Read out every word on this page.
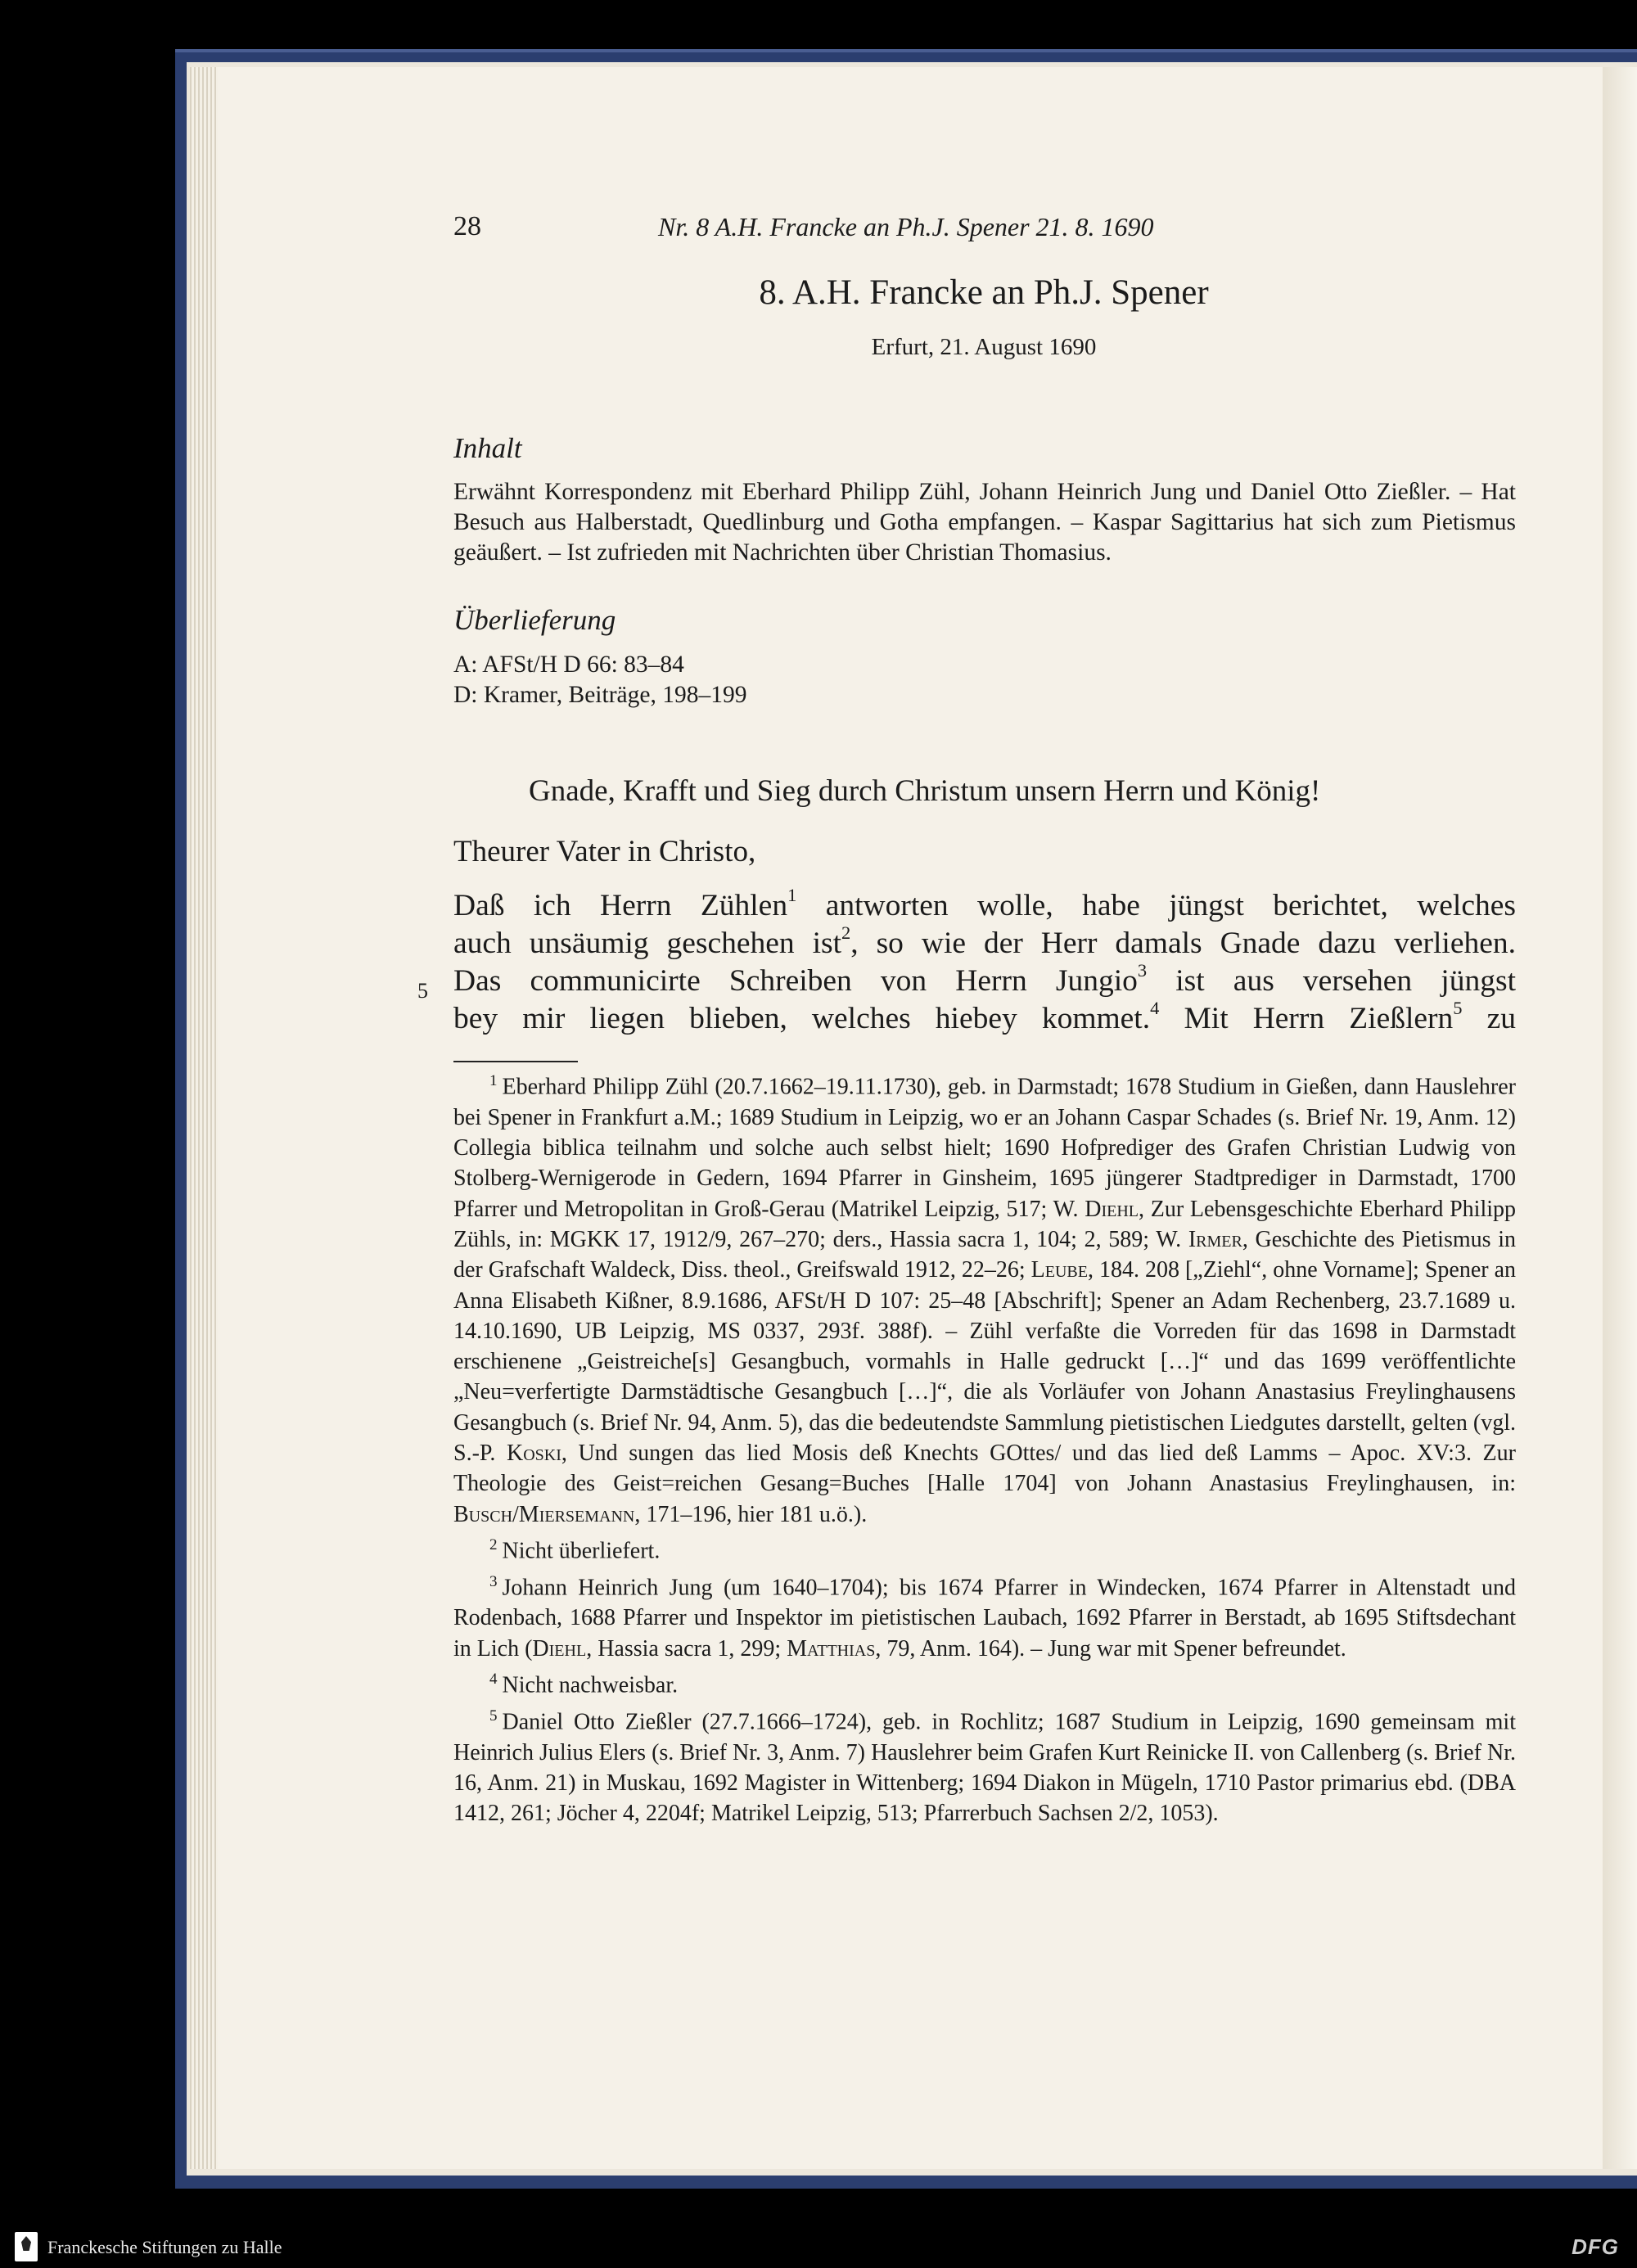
28	Nr. 8 A.H. Francke an Ph.J. Spener 21. 8. 1690
8. A.H. Francke an Ph.J. Spener
Erfurt, 21. August 1690
Inhalt

Erwähnt Korrespondenz mit Eberhard Philipp Zühl, Johann Heinrich Jung und Daniel Otto Zießler. – Hat Besuch aus Halberstadt, Quedlinburg und Gotha empfangen. – Kaspar Sagittarius hat sich zum Pietismus geäußert. – Ist zufrieden mit Nachrichten über Christian Thomasius.

Überlieferung
A: AFSt/H D 66: 83–84
D: Kramer, Beiträge, 198–199
Gnade, Krafft und Sieg durch Christum unsern Herrn und König!
Theurer Vater in Christo,
5
Daß ich Herrn Zühlen$^1$ antworten wolle, habe jüngst berichtet, welches
auch unsäumig geschehen ist$^2$, so wie der Herr damals Gnade dazu verliehen.
Das communicirte Schreiben von Herrn Jungio$^3$ ist aus versehen jüngst
bey mir liegen blieben, welches hiebey kommet.$^4$ Mit Herrn Zießlern$^5$ zu

$^1$ Eberhard Philipp Zühl (20.7.1662–19.11.1730), geb. in Darmstadt; 1678 Studium in Gießen, dann Hauslehrer bei Spener in Frankfurt a.M.; 1689 Studium in Leipzig, wo er an Johann Caspar Schades (s. Brief Nr. 19, Anm. 12) Collegia biblica teilnahm und solche auch selbst hielt; 1690 Hofprediger des Grafen Christian Ludwig von Stolberg-Wernigerode in Gedern, 1694 Pfarrer in Ginsheim, 1695 jüngerer Stadtprediger in Darmstadt, 1700 Pfarrer und Metropolitan in Groß-Gerau (Matrikel Leipzig, 517; W. Diehl, Zur Lebensgeschichte Eberhard Philipp Zühls, in: MGKK 17, 1912/9, 267–270; ders., Hassia sacra 1, 104; 2, 589; W. Irmer, Geschichte des Pietismus in der Grafschaft Waldeck, Diss. theol., Greifswald 1912, 22–26; Leube, 184. 208 [„Ziehl“, ohne Vorname]; Spener an Anna Elisabeth Kißner, 8.9.1686, AFSt/H D 107: 25–48 [Abschrift]; Spener an Adam Rechenberg, 23.7.1689 u. 14.10.1690, UB Leipzig, MS 0337, 293f. 388f). – Zühl verfaßte die Vorreden für das 1698 in Darmstadt erschienene „Geistreiche[s] Gesangbuch, vormahls in Halle gedruckt […]“ und das 1699 veröffentlichte „Neu=verfertigte Darmstädtische Gesangbuch […]“, die als Vorläufer von Johann Anastasius Freylinghausens Gesangbuch (s. Brief Nr. 94, Anm. 5), das die bedeutendste Sammlung pietistischen Liedgutes darstellt, gelten (vgl. S.-P. Koski, Und sungen das lied Mosis deß Knechts GOttes/ und das lied deß Lamms – Apoc. XV:3. Zur Theologie des Geist=reichen Gesang=Buches [Halle 1704] von Johann Anastasius Freylinghausen, in: Busch/Miersemann, 171–196, hier 181 u.ö.).

$^2$ Nicht überliefert.

$^3$ Johann Heinrich Jung (um 1640–1704); bis 1674 Pfarrer in Windecken, 1674 Pfarrer in Altenstadt und Rodenbach, 1688 Pfarrer und Inspektor im pietistischen Laubach, 1692 Pfarrer in Berstadt, ab 1695 Stiftsdechant in Lich (Diehl, Hassia sacra 1, 299; Matthias, 79, Anm. 164). – Jung war mit Spener befreundet.

$^4$ Nicht nachweisbar.

$^5$ Daniel Otto Zießler (27.7.1666–1724), geb. in Rochlitz; 1687 Studium in Leipzig, 1690 gemeinsam mit Heinrich Julius Elers (s. Brief Nr. 3, Anm. 7) Hauslehrer beim Grafen Kurt Reinicke II. von Callenberg (s. Brief Nr. 16, Anm. 21) in Muskau, 1692 Magister in Wittenberg; 1694 Diakon in Mügeln, 1710 Pastor primarius ebd. (DBA 1412, 261; Jöcher 4, 2204f; Matrikel Leipzig, 513; Pfarrerbuch Sachsen 2/2, 1053).

Franckesche Stiftungen zu Halle	DFG
